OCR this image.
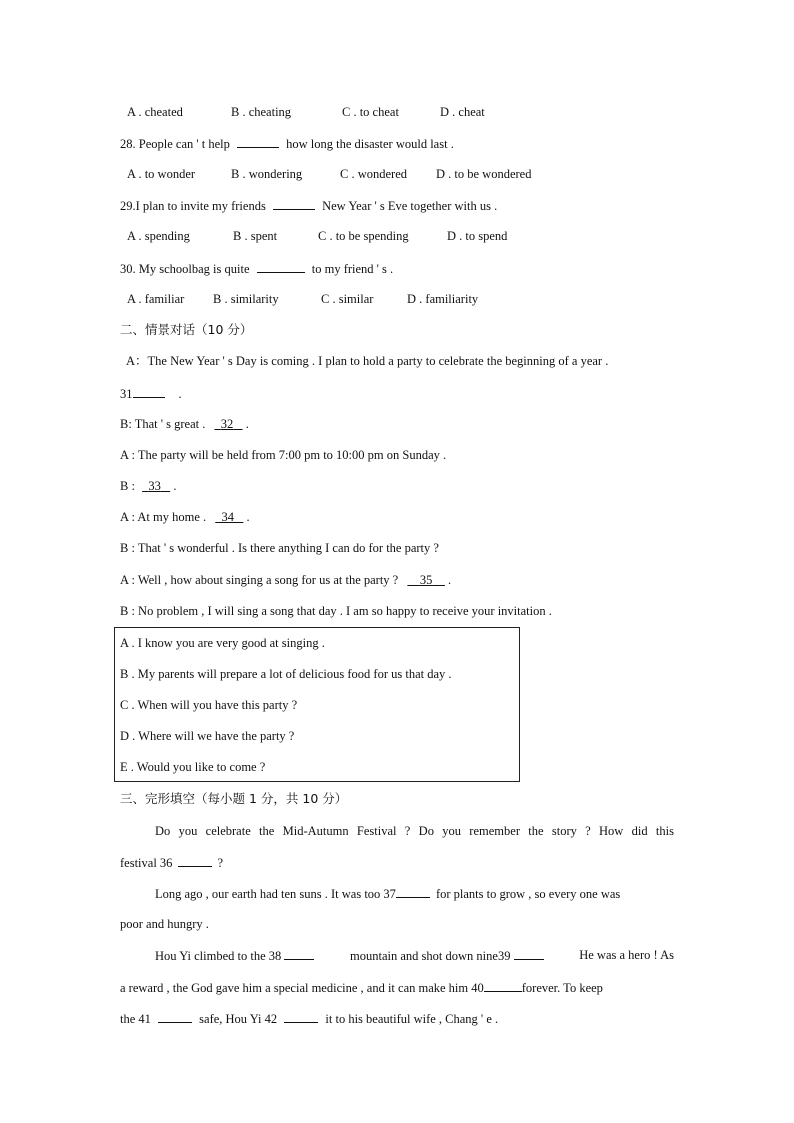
A . cheated	B . cheating	C . to cheat	D . cheat
28. People can ' t help	how long the disaster would last .
A . to wonder	B . wondering	C . wondered D . to be wondered
29.I plan to invite my friends	New Year ' s Eve together with us .
A . spending	B . spent	C . to be spending	D . to spend
30. My schoolbag is quite	to my friend ' s .
A . familiar B . similarity	C . similar	D . familiarity
二、情景对话（10 分）
A：The New Year ' s Day is coming . I plan to hold a party to celebrate the beginning of a year .
31	.
B: That ' s great . 32    .
A : The party will be held from 7:00 pm to 10:00 pm on Sunday .
B : 33    .
A : At my home . 34    .
B : That ' s wonderful . Is there anything I can do for the party ?
A : Well , how about singing a song for us at the party ? 35     .
B : No problem , I will sing a song that day . I am so happy to receive your invitation .
A . I know you are very good at singing .
B . My parents will prepare a lot of delicious food for us that day .
C . When will you have this party ?
D . Where will we have the party ?
E . Would you like to come ?
三、完形填空（每小题 1 分，共 10 分）
Do you celebrate the Mid-Autumn Festival ? Do you remember the story ? How did this
festival 36	?
Long ago , our earth had ten suns . It was too 37	for plants to grow , so every one was
poor and hungry .
Hou Yi climbed to the 38	mountain and shot down nine39	He was a hero ! As
a reward , the God gave him a special medicine , and it can make him 40	forever. To keep
the 41	safe, Hou Yi 42	it to his beautiful wife , Chang ' e .
